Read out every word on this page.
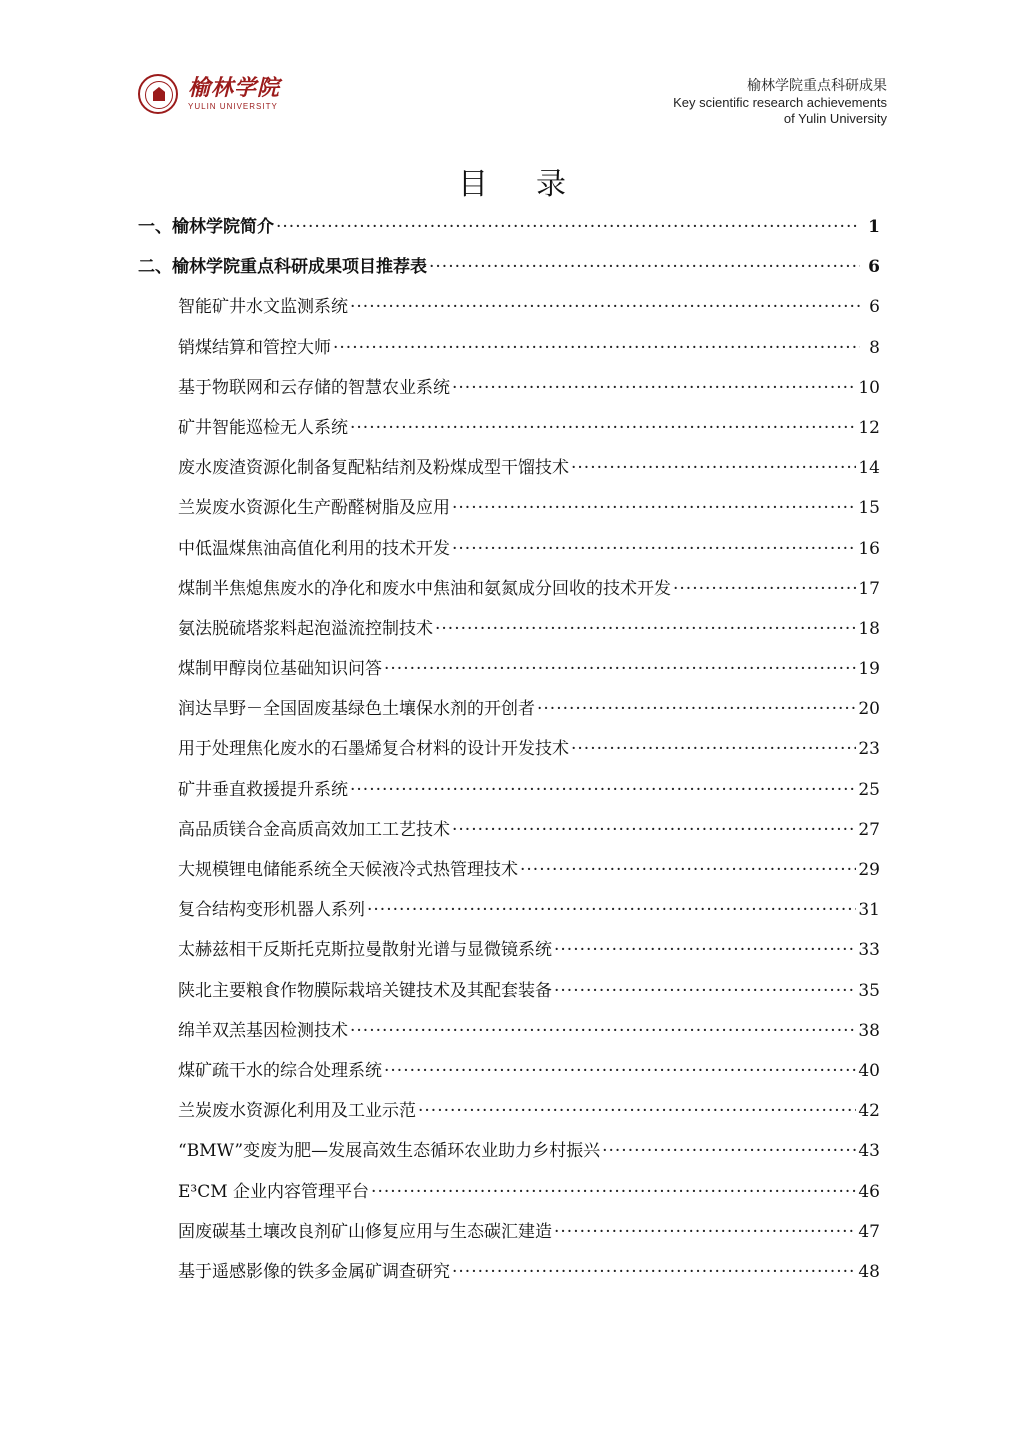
榆林学院
YULIN UNIVERSITY
榆林学院重点科研成果
Key scientific research achievements
of Yulin University
目录
一、榆林学院简介 ·····	1
二、榆林学院重点科研成果项目推荐表 ·····	6
智能矿井水文监测系统 ·····	6
销煤结算和管控大师 ·····	8
基于物联网和云存储的智慧农业系统 ·····	10
矿井智能巡检无人系统 ·····	12
废水废渣资源化制备复配粘结剂及粉煤成型干馏技术 ·····	14
兰炭废水资源化生产酚醛树脂及应用 ·····	15
中低温煤焦油高值化利用的技术开发 ·····	16
煤制半焦熄焦废水的净化和废水中焦油和氨氮成分回收的技术开发 ·····	17
氨法脱硫塔浆料起泡溢流控制技术 ·····	18
煤制甲醇岗位基础知识问答 ·····	19
润达旱野－全国固废基绿色土壤保水剂的开创者 ·····	20
用于处理焦化废水的石墨烯复合材料的设计开发技术 ·····	23
矿井垂直救援提升系统 ·····	25
高品质镁合金高质高效加工工艺技术 ·····	27
大规模锂电储能系统全天候液冷式热管理技术 ·····	29
复合结构变形机器人系列 ·····	31
太赫兹相干反斯托克斯拉曼散射光谱与显微镜系统 ·····	33
陕北主要粮食作物膜际栽培关键技术及其配套装备 ·····	35
绵羊双羔基因检测技术 ·····	38
煤矿疏干水的综合处理系统 ·····	40
兰炭废水资源化利用及工业示范 ·····	42
“BMW”变废为肥—发展高效生态循环农业助力乡村振兴 ·····	43
E³CM 企业内容管理平台 ·····	46
固废碳基土壤改良剂矿山修复应用与生态碳汇建造 ·····	47
基于遥感影像的铁多金属矿调查研究 ·····	48
